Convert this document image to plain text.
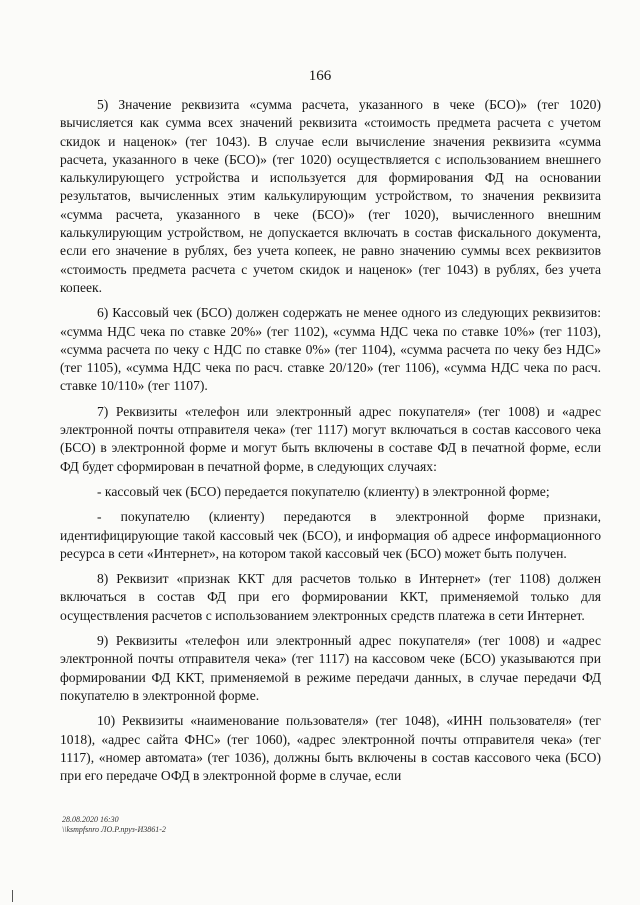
166

5) Значение реквизита «сумма расчета, указанного в чеке (БСО)» (тег 1020) вычисляется как сумма всех значений реквизита «стоимость предмета расчета с учетом скидок и наценок» (тег 1043). В случае если вычисление значения реквизита «сумма расчета, указанного в чеке (БСО)» (тег 1020) осуществляется с использованием внешнего калькулирующего устройства и используется для формирования ФД на основании результатов, вычисленных этим калькулирующим устройством, то значения реквизита «сумма расчета, указанного в чеке (БСО)» (тег 1020), вычисленного внешним калькулирующим устройством, не допускается включать в состав фискального документа, если его значение в рублях, без учета копеек, не равно значению суммы всех реквизитов «стоимость предмета расчета с учетом скидок и наценок» (тег 1043) в рублях, без учета копеек.

6) Кассовый чек (БСО) должен содержать не менее одного из следующих реквизитов: «сумма НДС чека по ставке 20%» (тег 1102), «сумма НДС чека по ставке 10%» (тег 1103), «сумма расчета по чеку с НДС по ставке 0%» (тег 1104), «сумма расчета по чеку без НДС» (тег 1105), «сумма НДС чека по расч. ставке 20/120» (тег 1106), «сумма НДС чека по расч. ставке 10/110» (тег 1107).

7) Реквизиты «телефон или электронный адрес покупателя» (тег 1008) и «адрес электронной почты отправителя чека» (тег 1117) могут включаться в состав кассового чека (БСО) в электронной форме и могут быть включены в составе ФД в печатной форме, если ФД будет сформирован в печатной форме, в следующих случаях:

- кассовый чек (БСО) передается покупателю (клиенту) в электронной форме;

- покупателю (клиенту) передаются в электронной форме признаки, идентифицирующие такой кассовый чек (БСО), и информация об адресе информационного ресурса в сети «Интернет», на котором такой кассовый чек (БСО) может быть получен.

8) Реквизит «признак ККТ для расчетов только в Интернет» (тег 1108) должен включаться в состав ФД при его формировании ККТ, применяемой только для осуществления расчетов с использованием электронных средств платежа в сети Интернет.

9) Реквизиты «телефон или электронный адрес покупателя» (тег 1008) и «адрес электронной почты отправителя чека» (тег 1117) на кассовом чеке (БСО) указываются при формировании ФД ККТ, применяемой в режиме передачи данных, в случае передачи ФД покупателю в электронной форме.

10) Реквизиты «наименование пользователя» (тег 1048), «ИНН пользователя» (тег 1018), «адрес сайта ФНС» (тег 1060), «адрес электронной почты отправителя чека» (тег 1117), «номер автомата» (тег 1036), должны быть включены в состав кассового чека (БСО) при его передаче ОФД в электронной форме в случае, если

28.08.2020 16:30
\\ksmpfsnro ЛО.Р.пруз-И3861-2
